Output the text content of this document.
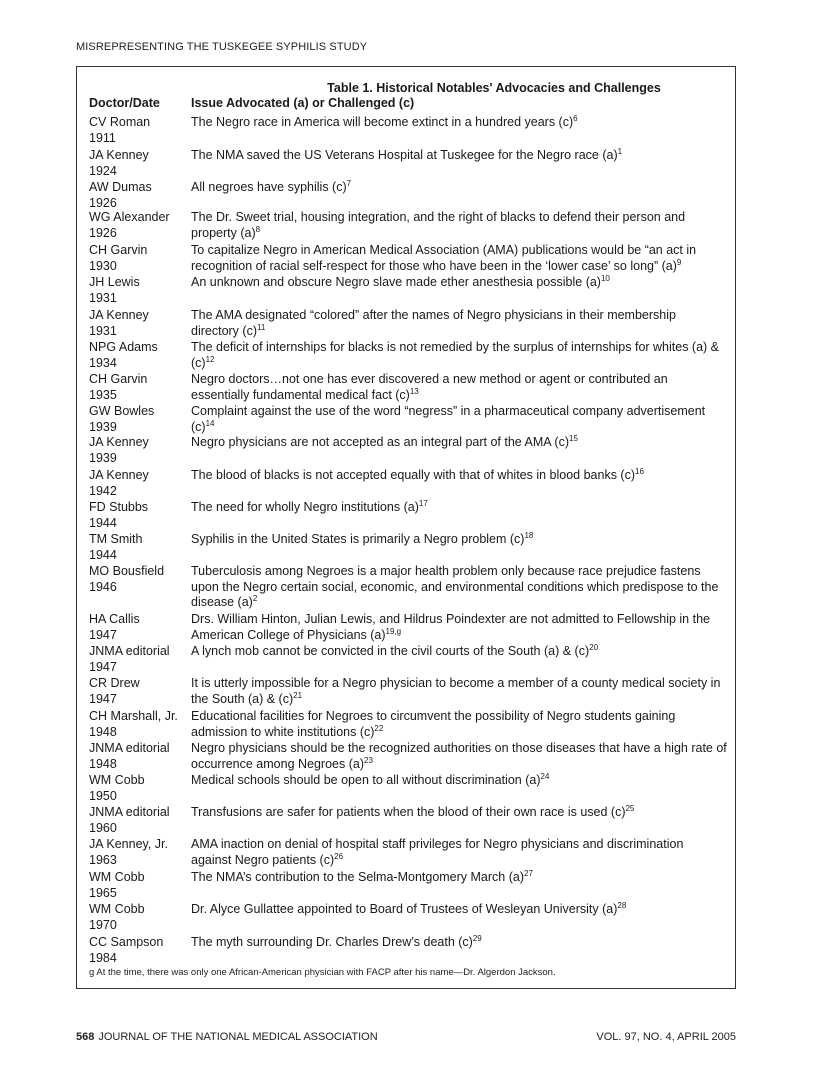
MISREPRESENTING THE TUSKEGEE SYPHILIS STUDY
Table 1. Historical Notables' Advocacies and Challenges
Doctor/Date Issue Advocated (a) or Challenged (c)
CV Roman
1911
The Negro race in America will become extinct in a hundred years $(c)^6$
JA Kenney
1924
The NMA saved the US Veterans Hospital at Tuskegee for the Negro race $(a)^1$
AW Dumas
1926
All negroes have syphilis $(c)^7$
WG Alexander
1926
The Dr. Sweet trial, housing integration, and the right of blacks to defend their person and property $(a)^8$
CH Garvin
1930
To capitalize Negro in American Medical Association (AMA) publications would be “an act in recognition of racial self-respect for those who have been in the ‘lower case’ so long” $(a)^9$
JH Lewis
1931
An unknown and obscure Negro slave made ether anesthesia possible $(a)^{10}$
JA Kenney
1931
The AMA designated “colored” after the names of Negro physicians in their membership directory $(c)^{11}$
NPG Adams
1934
The deficit of internships for blacks is not remedied by the surplus of internships for whites (a) & $(c)^{12}$
CH Garvin
1935
Negro doctors…not one has ever discovered a new method or agent or contributed an essentially fundamental medical fact $(c)^{13}$
GW Bowles
1939
Complaint against the use of the word “negress” in a pharmaceutical company advertisement $(c)^{14}$
JA Kenney
1939
Negro physicians are not accepted as an integral part of the AMA $(c)^{15}$
JA Kenney
1942
The blood of blacks is not accepted equally with that of whites in blood banks $(c)^{16}$
FD Stubbs
1944
The need for wholly Negro institutions $(a)^{17}$
TM Smith
1944
Syphilis in the United States is primarily a Negro problem $(c)^{18}$
MO Bousfield
1946
Tuberculosis among Negroes is a major health problem only because race prejudice fastens upon the Negro certain social, economic, and environmental conditions which predispose to the disease $(a)^2$
HA Callis
1947
Drs. William Hinton, Julian Lewis, and Hildrus Poindexter are not admitted to Fellowship in the American College of Physicians $(a)^{19,g}$
JNMA editorial
1947
A lynch mob cannot be convicted in the civil courts of the South (a) & $(c)^{20}$
CR Drew
1947
It is utterly impossible for a Negro physician to become a member of a county medical society in the South (a) & $(c)^{21}$
CH Marshall, Jr.
1948
Educational facilities for Negroes to circumvent the possibility of Negro students gaining admission to white institutions $(c)^{22}$
JNMA editorial
1948
Negro physicians should be the recognized authorities on those diseases that have a high rate of occurrence among Negroes $(a)^{23}$
WM Cobb
1950
Medical schools should be open to all without discrimination $(a)^{24}$
JNMA editorial
1960
Transfusions are safer for patients when the blood of their own race is used $(c)^{25}$
JA Kenney, Jr.
1963
AMA inaction on denial of hospital staff privileges for Negro physicians and discrimination against Negro patients $(c)^{26}$
WM Cobb
1965
The NMA’s contribution to the Selma-Montgomery March $(a)^{27}$
WM Cobb
1970
Dr. Alyce Gullattee appointed to Board of Trustees of Wesleyan University $(a)^{28}$
CC Sampson
1984
The myth surrounding Dr. Charles Drew’s death $(c)^{29}$
g At the time, there was only one African-American physician with FACP after his name—Dr. Algerdon Jackson.
568 JOURNAL OF THE NATIONAL MEDICAL ASSOCIATION	VOL. 97, NO. 4, APRIL 2005
